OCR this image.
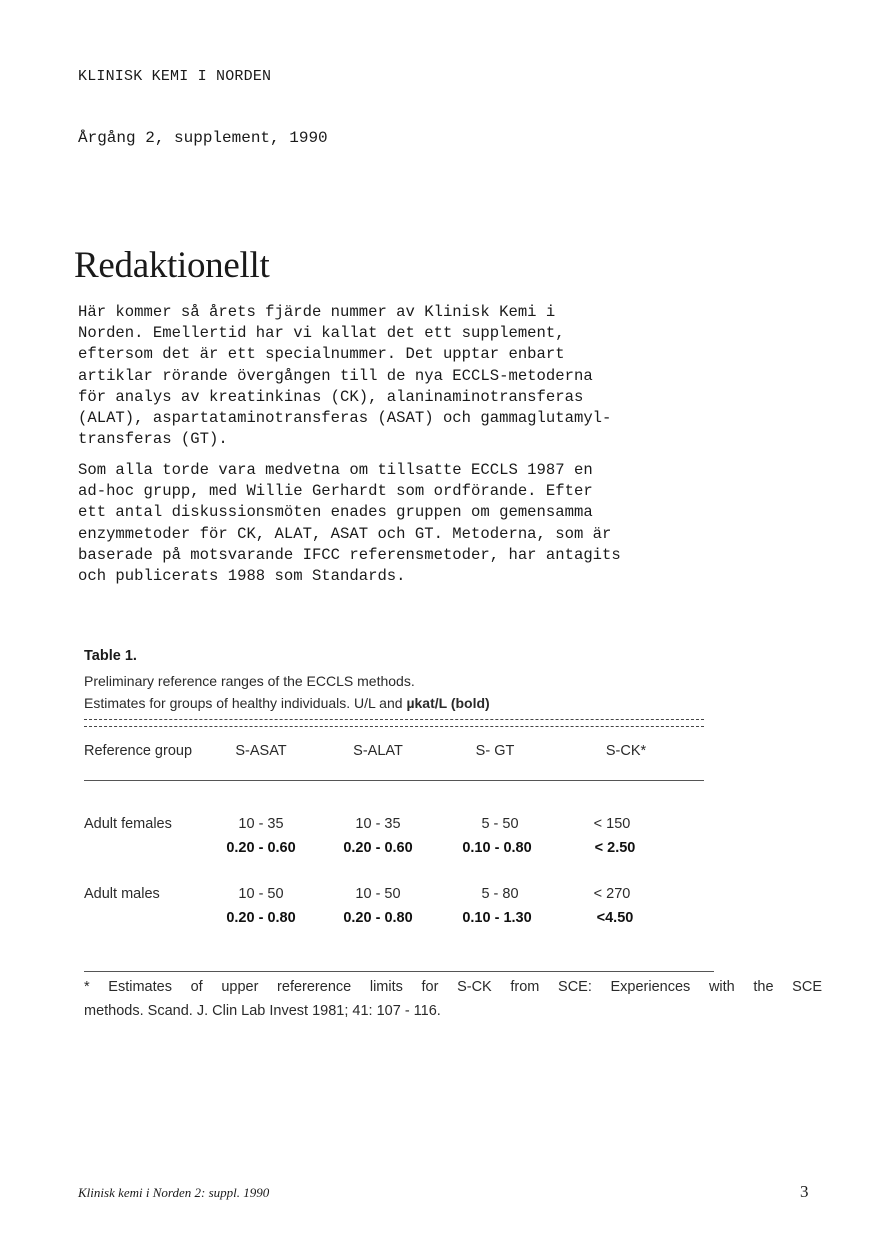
KLINISK KEMI I NORDEN
Årgång 2, supplement, 1990
Redaktionellt

Här kommer så årets fjärde nummer av Klinisk Kemi i
Norden. Emellertid har vi kallat det ett supplement,
eftersom det är ett specialnummer. Det upptar enbart
artiklar rörande övergången till de nya ECCLS-metoderna
för analys av kreatinkinas (CK), alaninaminotransferas
(ALAT), aspartataminotransferas (ASAT) och gammaglutamyl-
transferas (GT).

Som alla torde vara medvetna om tillsatte ECCLS 1987 en
ad-hoc grupp, med Willie Gerhardt som ordförande. Efter
ett antal diskussionsmöten enades gruppen om gemensamma
enzymmetoder för CK, ALAT, ASAT och GT. Metoderna, som är
baserade på motsvarande IFCC referensmetoder, har antagits
och publicerats 1988 som Standards.

Table 1.
Preliminary reference ranges of the ECCLS methods.
Estimates for groups of healthy individuals. U/L and µkat/L (bold)
Reference group	S-ASAT	S-ALAT	S- GT	S-CK*
Adult females	10 - 35	10 - 35	5 - 50	< 150
0.20 - 0.60	0.20 - 0.60	0.10 - 0.80	< 2.50
Adult males	10 - 50	10 - 50	5 - 80	< 270
0.20 - 0.80	0.20 - 0.80	0.10 - 1.30	<4.50
* Estimates of upper refererence limits for S-CK from SCE: Experiences with the SCE
methods. Scand. J. Clin Lab Invest 1981; 41: 107 - 116.
Klinisk kemi i Norden 2: suppl. 1990	3
